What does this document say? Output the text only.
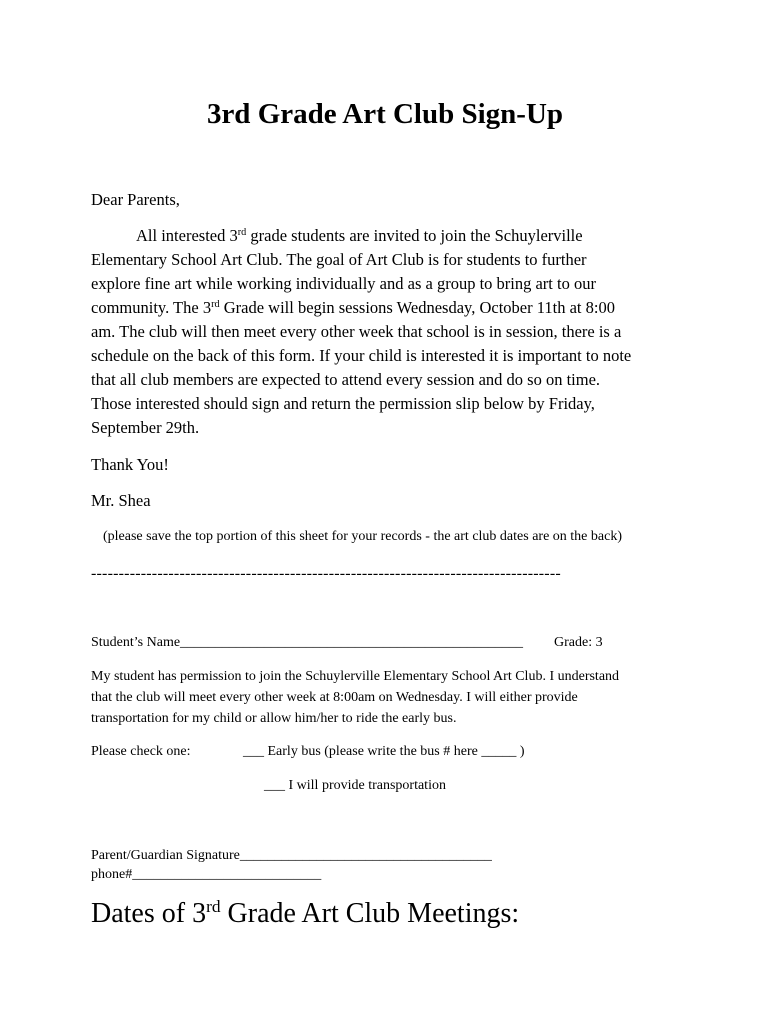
3rd Grade Art Club Sign-Up
Dear Parents,
All interested 3rd grade students are invited to join the Schuylerville
Elementary School Art Club. The goal of Art Club is for students to further
explore fine art while working individually and as a group to bring art to our
community. The 3rd Grade will begin sessions Wednesday, October 11th at 8:00
am. The club will then meet every other week that school is in session, there is a
schedule on the back of this form. If your child is interested it is important to note
that all club members are expected to attend every session and do so on time.
Those interested should sign and return the permission slip below by Friday,
September 29th.
Thank You!
Mr. Shea
(please save the top portion of this sheet for your records - the art club dates are on the back)
-------------------------------------------------------------------------------------
Student’s Name_________________________________________________ Grade: 3
My student has permission to join the Schuylerville Elementary School Art Club. I understand
that the club will meet every other week at 8:00am on Wednesday. I will either provide
transportation for my child or allow him/her to ride the early bus.
Please check one:	___ Early bus (please write the bus # here _____ )
___ I will provide transportation
Parent/Guardian Signature____________________________________
phone#___________________________
Dates of 3rd Grade Art Club Meetings:
